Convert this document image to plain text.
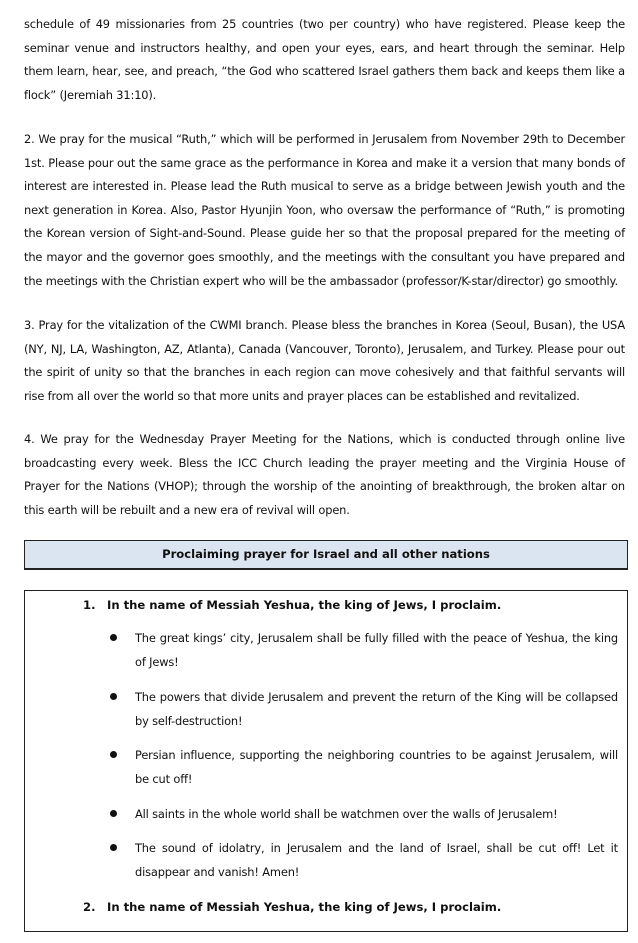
schedule of 49 missionaries from 25 countries (two per country) who have registered. Please keep the seminar venue and instructors healthy, and open your eyes, ears, and heart through the seminar. Help them learn, hear, see, and preach, “the God who scattered Israel gathers them back and keeps them like a flock” (Jeremiah 31:10).

2. We pray for the musical “Ruth,” which will be performed in Jerusalem from November 29th to December 1st. Please pour out the same grace as the performance in Korea and make it a version that many bonds of interest are interested in. Please lead the Ruth musical to serve as a bridge between Jewish youth and the next generation in Korea. Also, Pastor Hyunjin Yoon, who oversaw the performance of “Ruth,” is promoting the Korean version of Sight-and-Sound. Please guide her so that the proposal prepared for the meeting of the mayor and the governor goes smoothly, and the meetings with the consultant you have prepared and the meetings with the Christian expert who will be the ambassador (professor/K-star/director) go smoothly.

3. Pray for the vitalization of the CWMI branch. Please bless the branches in Korea (Seoul, Busan), the USA (NY, NJ, LA, Washington, AZ, Atlanta), Canada (Vancouver, Toronto), Jerusalem, and Turkey. Please pour out the spirit of unity so that the branches in each region can move cohesively and that faithful servants will rise from all over the world so that more units and prayer places can be established and revitalized.

4. We pray for the Wednesday Prayer Meeting for the Nations, which is conducted through online live broadcasting every week. Bless the ICC Church leading the prayer meeting and the Virginia House of Prayer for the Nations (VHOP); through the worship of the anointing of breakthrough, the broken altar on this earth will be rebuilt and a new era of revival will open.

Proclaiming prayer for Israel and all other nations
1. In the name of Messiah Yeshua, the king of Jews, I proclaim.
The great kings’ city, Jerusalem shall be fully filled with the peace of Yeshua, the king of Jews!
The powers that divide Jerusalem and prevent the return of the King will be collapsed by self-destruction!
Persian influence, supporting the neighboring countries to be against Jerusalem, will be cut off!
All saints in the whole world shall be watchmen over the walls of Jerusalem!
The sound of idolatry, in Jerusalem and the land of Israel, shall be cut off! Let it disappear and vanish! Amen!
2. In the name of Messiah Yeshua, the king of Jews, I proclaim.
